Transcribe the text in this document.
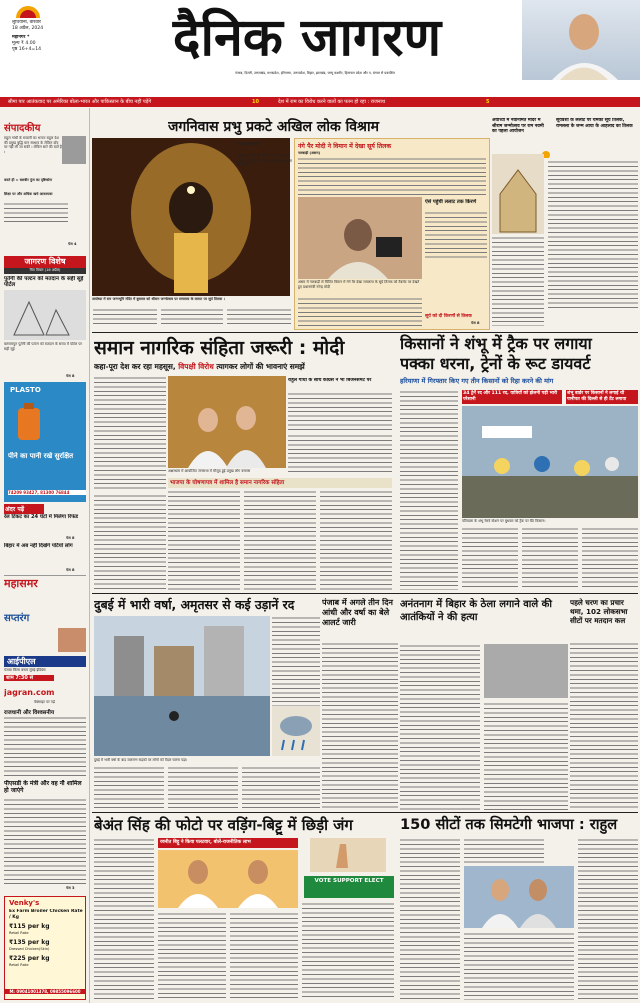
लुधियाना, वीरवार
18 अप्रैल, 2024
महानगर *
मूल्य ₹ 4.00
पृष्ठ 16+4=14	दैनिक जागरण
पंजाब, दिल्ली, उत्तराखंड, मध्यप्रदेश, हरियाणा, उत्तरप्रदेश, बिहार, झारखंड, जम्मू कश्मीर, हिमाचल प्रदेश और प. बंगाल से प्रकाशित
सीमा पार आतंकवाद पर अमेरिका बोला-भारत और पाकिस्तान के बीच नहीं पड़ेंगे	10	देश में राम का विरोध करने वालों का पतन हो रहा : राजनाथ	5
संपादकीय
राहुल गांधी के सवाली का भरातः राहुल देश की प्रमुख बुद्धि मान स्वभाव के लेकिन दाँव पर नहीं ली जा सकी । लेकिन सारे की बातें हैं ।
करते ही :: बलबीर पुंज का दृष्टिकोण
शिक्षा पर और अधिक खर्च आवश्यकः
पेज 4
जागरण विशेष
चित्र विचार (16 अप्रैल)
पुर्तगी की पल्टन को मतदान के सही सूई पोर्टल
बलरामपुरः पुर्तगी की पल्टन को मतदान के समय में पोर्टल पर सही सूई
पेज 8
PLASTO
पीने का पानी रखे सुरक्षित
74209 93427, 81300 76844
अंदर पढ़ें
रेल टिकट का 24 घंटों में मिलेगा रिफंड
पेज 8
बिहार में अब नहीं दिखेंगे पर्टियों लोग
पेज 8
महासमर
सप्तरंग
आईपीएल
पंजाब किंग्स बनाम मुंबई इंडियंस
शाम 7:30 से
jagran.com
वेबसाइट पर पढ़ें
राजधानी और विश्वसनीय
पीएसडी के मंत्री और वह नौ शामिल हो जाएंगे
पेज 3
Venky's
Ex Farm Broiler Chicken Rate / Kg
₹115 per kg
Retail Rate
₹135 per kg
Dressed Chicken(Skin)
₹225 per kg
Retail Rate
M: 09041001378, 09855096600
जगनिवास प्रभु प्रकटे अखिल लोक विश्राम
अयोध्या में राम जन्मभूमि मंदिर में बुधवार को श्रीराम जन्मोत्सव पर रामलला के ललाट पर सूर्य तिलक ।
लखनऊ/अयोध्या
अयोध्याः 'घोप्रो की पंडों में लिया हाथ की प्रसिद्धि हो गई' की यह गोस्वामी तुलसीदास की पंक्ति।
नंगे पैर मोदी ने विमान में देखा सूर्य तिलक
नलबाड़ी (असम)
असम में नलबाड़ी से चिंतित विमान में नंगे पैर देखा रामलला के सूर्य तिलक को टैबलेट पर देखते हुए प्रधानमंत्री नरेन्द्र मोदी
ऐसे पहुंची ललाट तक किरणें
सूर्य को दी किरणों से तिलक
पेज 8
अयोध्या में नवनिर्मित मंदिर में श्रीराम जन्मोत्सव पर राम नवमी का पहला आयोजन
सूर्यवंशी के ललाट पर चमका सूर्य तिलक, रामलला के जन्म आया के आहलाद का तिलक
समान नागरिक संहिता जरूरी : मोदी
कहा-पूरा देश कर रहा महसूस, विपक्षी विरोध त्यागकर लोगों की भावनाएं समझें
अक्षरधाम में आयोजित जनसभा में मौजूद हुईं प्रमुख लोग बनारस
राहुल गांधी के साथ कांग्रेस ने भी बिजनेसमेंट पर
भाजपा के घोषणापत्र में शामिल है समान नागरिक संहिता
किसानों ने शंभू में ट्रैक पर लगाया
पक्का धरना, ट्रेनों के रूट डायवर्ट
हरियाणा में गिरफ्तार किए गए तीन किसानों को रिहा करने की मांग
34 ट्रेनें रद और 111 रद, यात्रियों को झेलनी पड़ी भारी परेशानी
शंभू बार्डर पर किसानों ने लगाई थी पानीपत की दिल्ली से ही टेंट लगाया
पटियाला के शंभू रेलवे स्टेशन पर बुधवार को ट्रैक पर बैठे किसान।
दुबई में भारी वर्षा, अमृतसर से कई उड़ानें रद
दुबई में भारी वर्षा के बाद जलमग्न सड़कों पर लोगों को पैदल चलना पड़ा।
पंजाब में अगले तीन दिन आंधी और वर्षा का बेले आलर्ट जारी
अनंतनाग में बिहार के ठेला लगाने वाले की आतंकियों ने की हत्या
पहले चरण का प्रचार थमा, 102 लोकसभा सीटों पर मतदान कल
बेअंत सिंह की फोटो पर वड़िंग-बिट्टू में छिड़ी जंग
रवनीत बिट्टू ने किया पलटवार, बोलें-राजनीतिक लाभ
VOTE SUPPORT ELECT
150 सीटों तक सिमटेगी भाजपा : राहुल
